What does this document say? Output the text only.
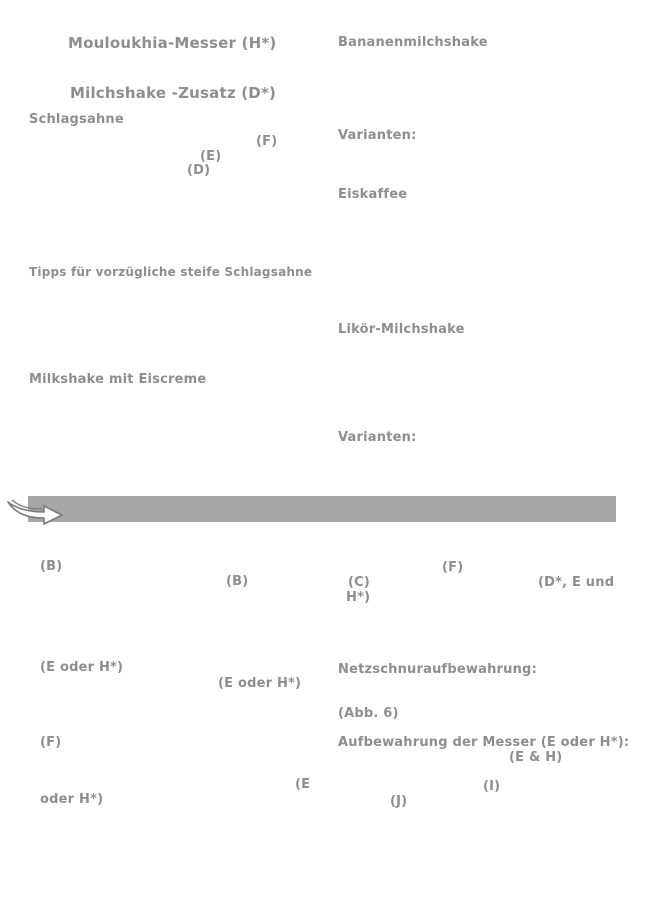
Mouloukhia-Messer (H*)
Milchshake -Zusatz (D*)
Schlagsahne
(F)
(E)
(D)
Tipps für vorzügliche steife Schlagsahne
Milkshake mit Eiscreme
Bananenmilchshake
Varianten:
Eiskaffee
Likör-Milchshake
Varianten:
(B)
(B)
(E oder H*)
(E oder H*)
(F)
(E
oder H*)
(F)
(C)	(D*, E und
H*)
Netzschnuraufbewahrung:
(Abb. 6)
Aufbewahrung der Messer (E oder H*):
(E & H)
(I)
(J)
